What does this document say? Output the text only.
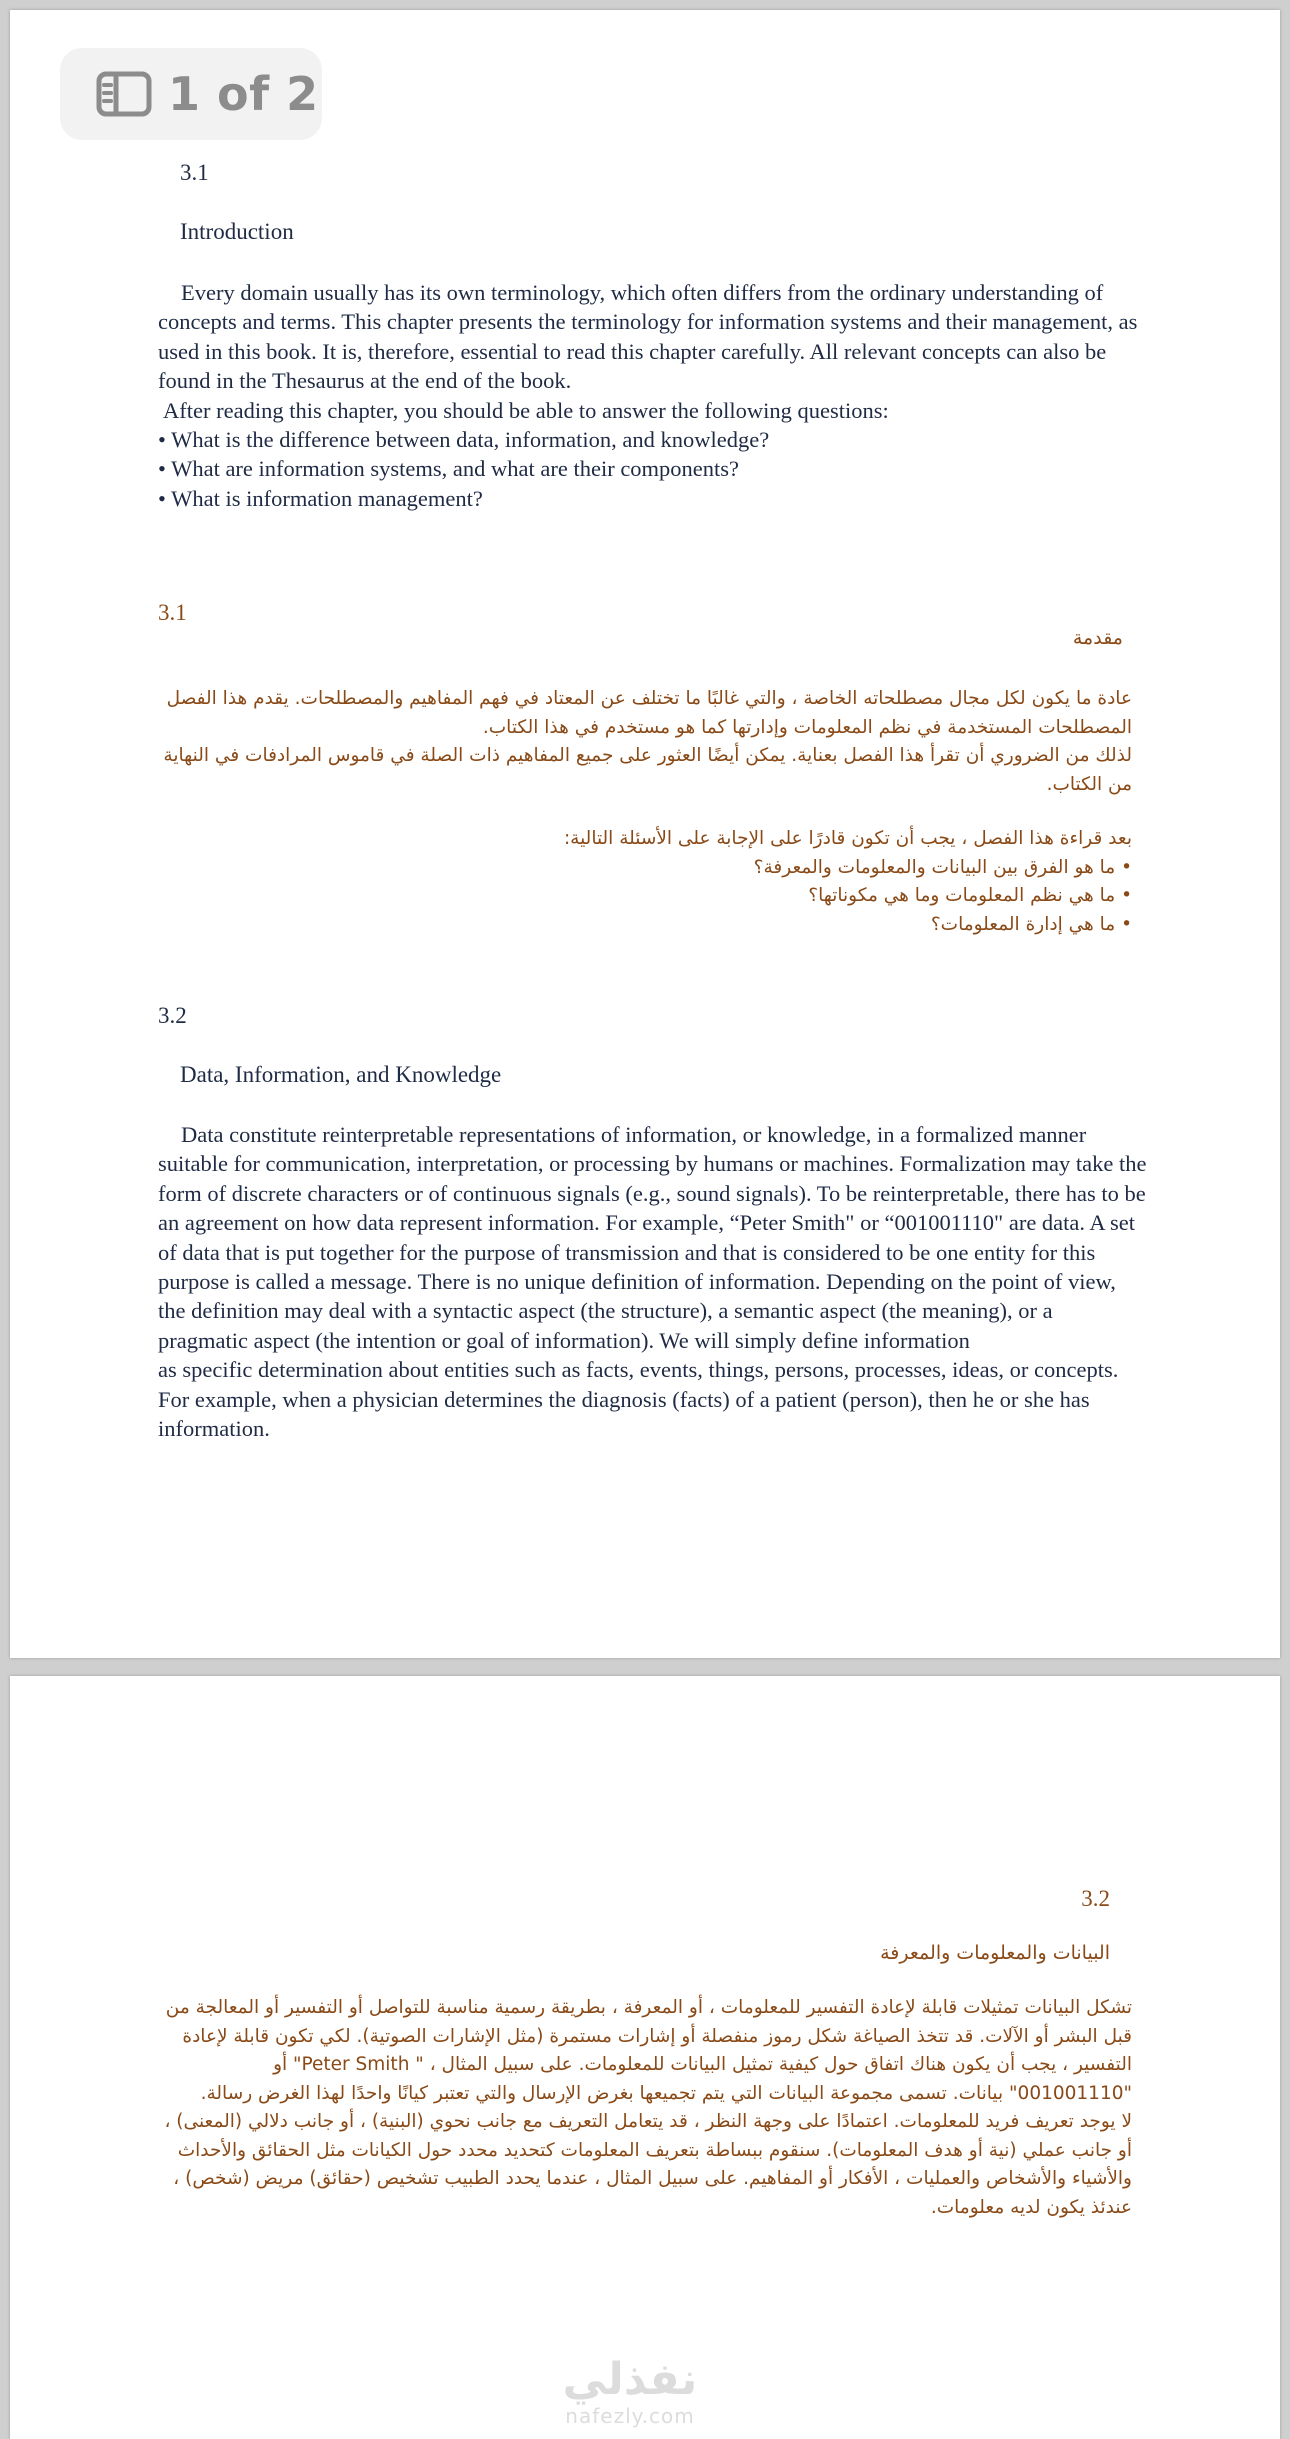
1 of 2
3.1
Introduction

Every domain usually has its own terminology, which often differs from the ordinary understanding of concepts and terms. This chapter presents the terminology for information systems and their management, as used in this book. It is, therefore, essential to read this chapter carefully. All relevant concepts can also be found in the Thesaurus at the end of the book.

After reading this chapter, you should be able to answer the following questions:

• What is the difference between data, information, and knowledge?
• What are information systems, and what are their components?
• What is information management?
3.1
مقدمة

عادة ما يكون لكل مجال مصطلحاته الخاصة ، والتي غالبًا ما تختلف عن المعتاد في فهم المفاهيم والمصطلحات. يقدم هذا الفصل المصطلحات المستخدمة في نظم المعلومات وإدارتها كما هو مستخدم في هذا الكتاب.

لذلك من الضروري أن تقرأ هذا الفصل بعناية. يمكن أيضًا العثور على جميع المفاهيم ذات الصلة في قاموس المرادفات في النهاية من الكتاب.

بعد قراءة هذا الفصل ، يجب أن تكون قادرًا على الإجابة على الأسئلة التالية:

• ما هو الفرق بين البيانات والمعلومات والمعرفة؟
• ما هي نظم المعلومات وما هي مكوناتها؟
• ما هي إدارة المعلومات؟
3.2
Data, Information, and Knowledge

Data constitute reinterpretable representations of information, or knowledge, in a formalized manner suitable for communication, interpretation, or processing by humans or machines. Formalization may take the form of discrete characters or of continuous signals (e.g., sound signals). To be reinterpretable, there has to be an agreement on how data represent information. For example, “Peter Smith" or “001001110" are data. A set of data that is put together for the purpose of transmission and that is considered to be one entity for this purpose is called a message. There is no unique definition of information. Depending on the point of view, the definition may deal with a syntactic aspect (the structure), a semantic aspect (the meaning), or a pragmatic aspect (the intention or goal of information). We will simply define information

as specific determination about entities such as facts, events, things, persons, processes, ideas, or concepts. For example, when a physician determines the diagnosis (facts) of a patient (person), then he or she has information.

3.2
البيانات والمعلومات والمعرفة

تشكل البيانات تمثيلات قابلة لإعادة التفسير للمعلومات ، أو المعرفة ، بطريقة رسمية مناسبة للتواصل أو التفسير أو المعالجة من قبل البشر أو الآلات. قد تتخذ الصياغة شكل رموز منفصلة أو إشارات مستمرة (مثل الإشارات الصوتية). لكي تكون قابلة لإعادة التفسير ، يجب أن يكون هناك اتفاق حول كيفية تمثيل البيانات للمعلومات. على سبيل المثال ، " Peter Smith" أو "001001110" بيانات. تسمى مجموعة البيانات التي يتم تجميعها بغرض الإرسال والتي تعتبر كيانًا واحدًا لهذا الغرض رسالة.

لا يوجد تعريف فريد للمعلومات. اعتمادًا على وجهة النظر ، قد يتعامل التعريف مع جانب نحوي (البنية) ، أو جانب دلالي (المعنى) ، أو جانب عملي (نية أو هدف المعلومات). سنقوم ببساطة بتعريف المعلومات كتحديد محدد حول الكيانات مثل الحقائق والأحداث والأشياء والأشخاص والعمليات ، الأفكار أو المفاهيم. على سبيل المثال ، عندما يحدد الطبيب تشخيص (حقائق) مريض (شخص) ، عندئذ يكون لديه معلومات.

نفذلي
nafezly.com
